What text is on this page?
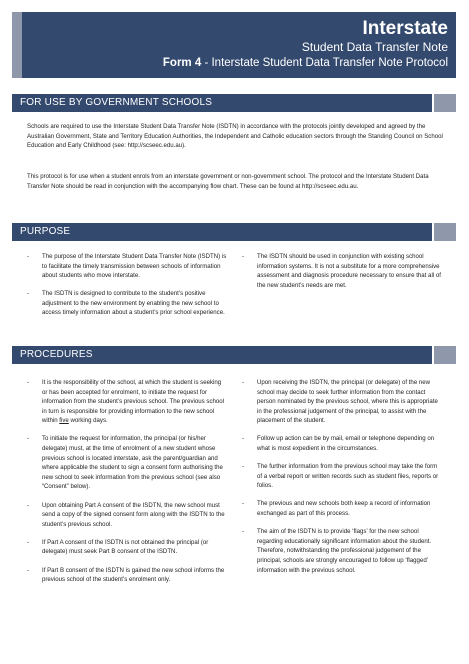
Interstate
Student Data Transfer Note
Form 4 - Interstate Student Data Transfer Note Protocol
FOR USE BY GOVERNMENT SCHOOLS
Schools are required to use the Interstate Student Data Transfer Note (ISDTN) in accordance with the protocols jointly developed and agreed by the Australian Government, State and Territory Education Authorities, the Independent and Catholic education sectors through the Standing Council on School Education and Early Childhood (see: http://scseec.edu.au).
This protocol is for use when a student enrols from an interstate government or non-government school. The protocol and the Interstate Student Data Transfer Note should be read in conjunction with the accompanying flow chart. These can be found at http://scseec.edu.au.
PURPOSE
- The purpose of the Interstate Student Data Transfer Note (ISDTN) is to facilitate the timely transmission between schools of information about students who move interstate.
- The ISDTN is designed to contribute to the student’s positive adjustment to the new environment by enabling the new school to access timely information about a student’s prior school experience.
- The ISDTN should be used in conjunction with existing school information systems. It is not a substitute for a more comprehensive assessment and diagnosis procedure necessary to ensure that all of the new student’s needs are met.
PROCEDURES
- It is the responsibility of the school, at which the student is seeking or has been accepted for enrolment, to initiate the request for information from the student’s previous school. The previous school in turn is responsible for providing information to the new school within five working days.
- To initiate the request for information, the principal (or his/her delegate) must, at the time of enrolment of a new student whose previous school is located interstate, ask the parent/guardian and where applicable the student to sign a consent form authorising the new school to seek information from the previous school (see also “Consent” below).
- Upon obtaining Part A consent of the ISDTN, the new school must send a copy of the signed consent form along with the ISDTN to the student’s previous school.
- If Part A consent of the ISDTN is not obtained the principal (or delegate) must seek Part B consent of the ISDTN.
- If Part B consent of the ISDTN is gained the new school informs the previous school of the student’s enrolment only.
- Upon receiving the ISDTN, the principal (or delegate) of the new school may decide to seek further information from the contact person nominated by the previous school, where this is appropriate in the professional judgement of the principal, to assist with the placement of the student.
- Follow up action can be by mail, email or telephone depending on what is most expedient in the circumstances.
- The further information from the previous school may take the form of a verbal report or written records such as student files, reports or folios.
- The previous and new schools both keep a record of information exchanged as part of this process.
- The aim of the ISDTN is to provide ‘flags’ for the new school regarding educationally significant information about the student. Therefore, notwithstanding the professional judgement of the principal, schools are strongly encouraged to follow up ‘flagged’ information with the previous school.
